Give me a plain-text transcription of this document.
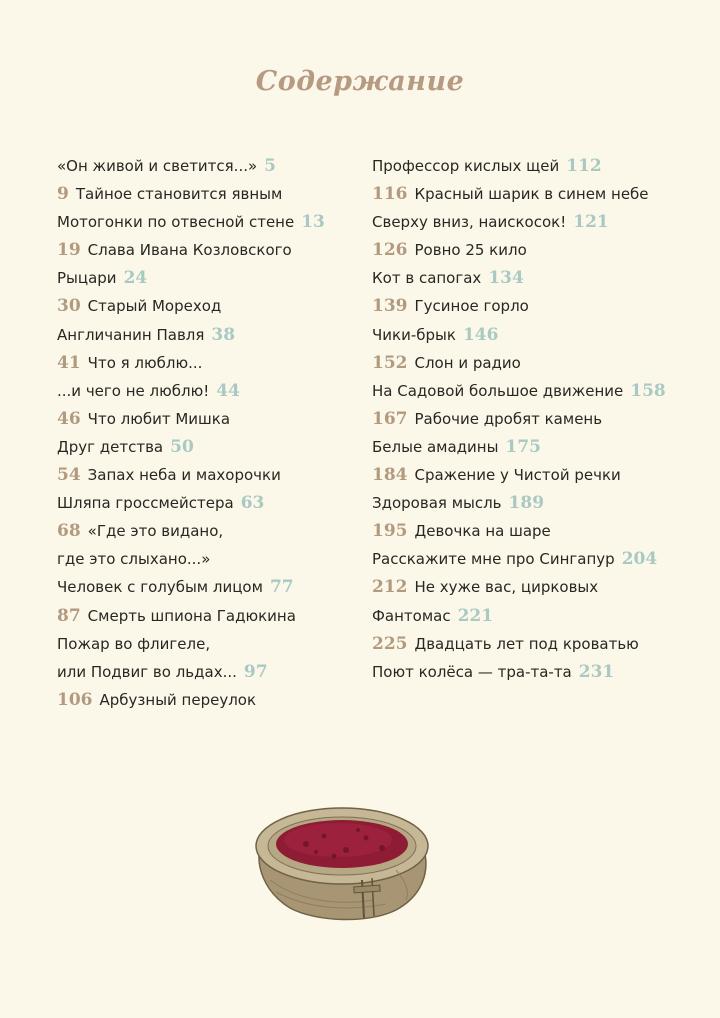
Содержание
«Он живой и светится...» 5
9 Тайное становится явным
Мотогонки по отвесной стене 13
19 Слава Ивана Козловского
Рыцари 24
30 Старый Мореход
Англичанин Павля 38
41 Что я люблю...
...и чего не люблю! 44
46 Что любит Мишка
Друг детства 50
54 Запах неба и махорочки
Шляпа гроссмейстера 63
68 «Где это видано,
где это слыхано...»
Человек с голубым лицом 77
87 Смерть шпиона Гадюкина
Пожар во флигеле,
или Подвиг во льдах... 97
106 Арбузный переулок
Профессор кислых щей 112
116 Красный шарик в синем небе
Сверху вниз, наискосок! 121
126 Ровно 25 кило
Кот в сапогах 134
139 Гусиное горло
Чики-брык 146
152 Слон и радио
На Садовой большое движение 158
167 Рабочие дробят камень
Белые амадины 175
184 Сражение у Чистой речки
Здоровая мысль 189
195 Девочка на шаре
Расскажите мне про Сингапур 204
212 Не хуже вас, цирковых
Фантомас 221
225 Двадцать лет под кроватью
Поют колёса — тра-та-та 231
